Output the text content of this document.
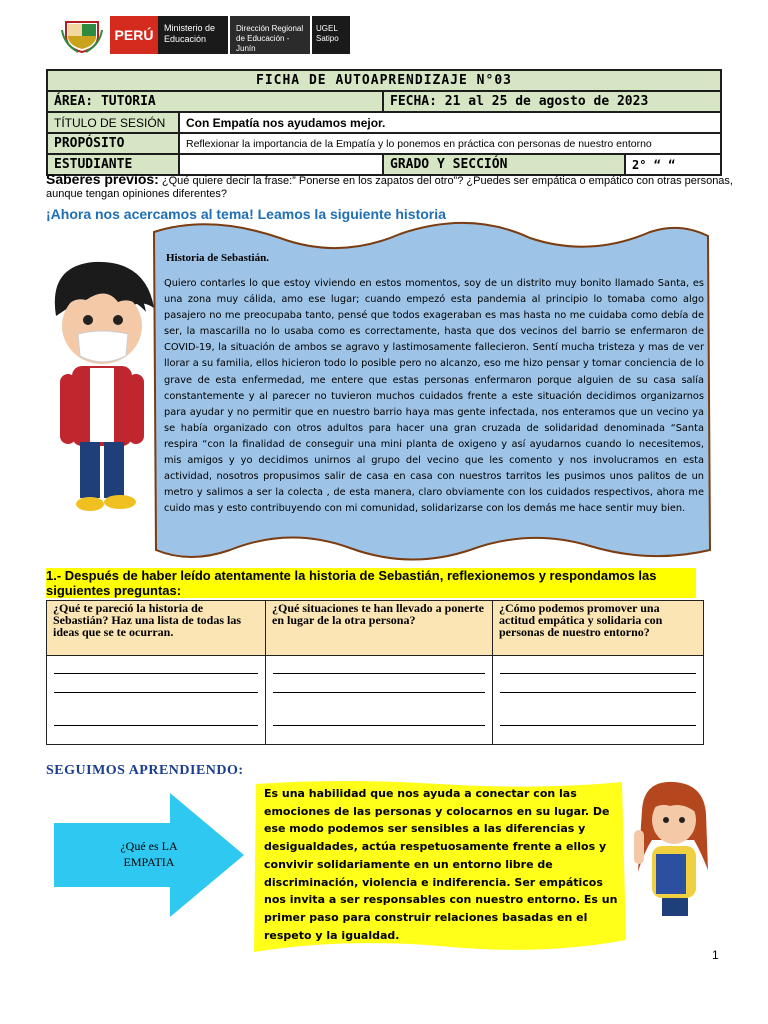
PERÚ	Ministerio de Educación
Dirección Regional de Educación - Junín
UGEL Satipo
FICHA DE AUTOAPRENDIZAJE N°03			
ÁREA: TUTORIA		FECHA: 21 al 25 de agosto de 2023	
TÍTULO DE SESIÓN	Con Empatía nos ayudamos mejor.		
PROPÓSITO	Reflexionar la importancia de la Empatía y lo ponemos en práctica con personas de nuestro entorno		
ESTUDIANTE		GRADO Y SECCIÓN	2° “ “
Saberes previos: ¿Qué quiere decir la frase:” Ponerse en los zapatos del otro”? ¿Puedes ser empática o empático con otras personas, aunque tengan opiniones diferentes?
¡Ahora nos acercamos al tema! Leamos la siguiente historia
Historia de Sebastián.
Quiero contarles lo que estoy viviendo en estos momentos, soy de un distrito muy bonito llamado Santa, es una zona muy cálida, amo ese lugar; cuando empezó esta pandemia al principio lo tomaba como algo pasajero no me preocupaba tanto, pensé que todos exageraban es mas hasta no me cuidaba como debía de ser, la mascarilla no lo usaba como es correctamente, hasta que dos vecinos del barrio se enfermaron de COVID-19, la situación de ambos se agravo y lastimosamente fallecieron. Sentí mucha tristeza y mas de ver llorar a su familia, ellos hicieron todo lo posible pero no alcanzo, eso me hizo pensar y tomar conciencia de lo grave de esta enfermedad, me entere que estas personas enfermaron porque alguien de su casa salía constantemente y al parecer no tuvieron muchos cuidados frente a este situación decidimos organizarnos para ayudar y no permitir que en nuestro barrio haya mas gente infectada, nos enteramos que un vecino ya se había organizado con otros adultos para hacer una gran cruzada de solidaridad denominada “Santa respira “con la finalidad de conseguir una mini planta de oxigeno y así ayudarnos cuando lo necesitemos, mis amigos y yo decidimos unirnos al grupo del vecino que les comento y nos involucramos en esta actividad, nosotros propusimos salir de casa en casa con nuestros tarritos les pusimos unos palitos de un metro y salimos a ser la colecta , de esta manera, claro obviamente con los cuidados respectivos, ahora me cuido mas y esto contribuyendo con mi comunidad, solidarizarse con los demás me hace sentir muy bien.
1.- Después de haber leído atentamente la historia de Sebastián, reflexionemos y respondamos las siguientes preguntas:
¿Qué te pareció la historia de Sebastián? Haz una lista de todas las ideas que se te ocurran.	¿Qué situaciones te han llevado a ponerte en lugar de la otra persona?	¿Cómo podemos promover una actitud empática y solidaria con personas de nuestro entorno?

SEGUIMOS APRENDIENDO:
¿Qué es LA EMPATIA
Es una habilidad que nos ayuda a conectar con las emociones de las personas y colocarnos en su lugar. De ese modo podemos ser sensibles a las diferencias y desigualdades, actúa respetuosamente frente a ellos y convivir solidariamente en un entorno libre de discriminación, violencia e indiferencia. Ser empáticos nos invita a ser responsables con nuestro entorno. Es un primer paso para construir relaciones basadas en el respeto y la igualdad.
1
